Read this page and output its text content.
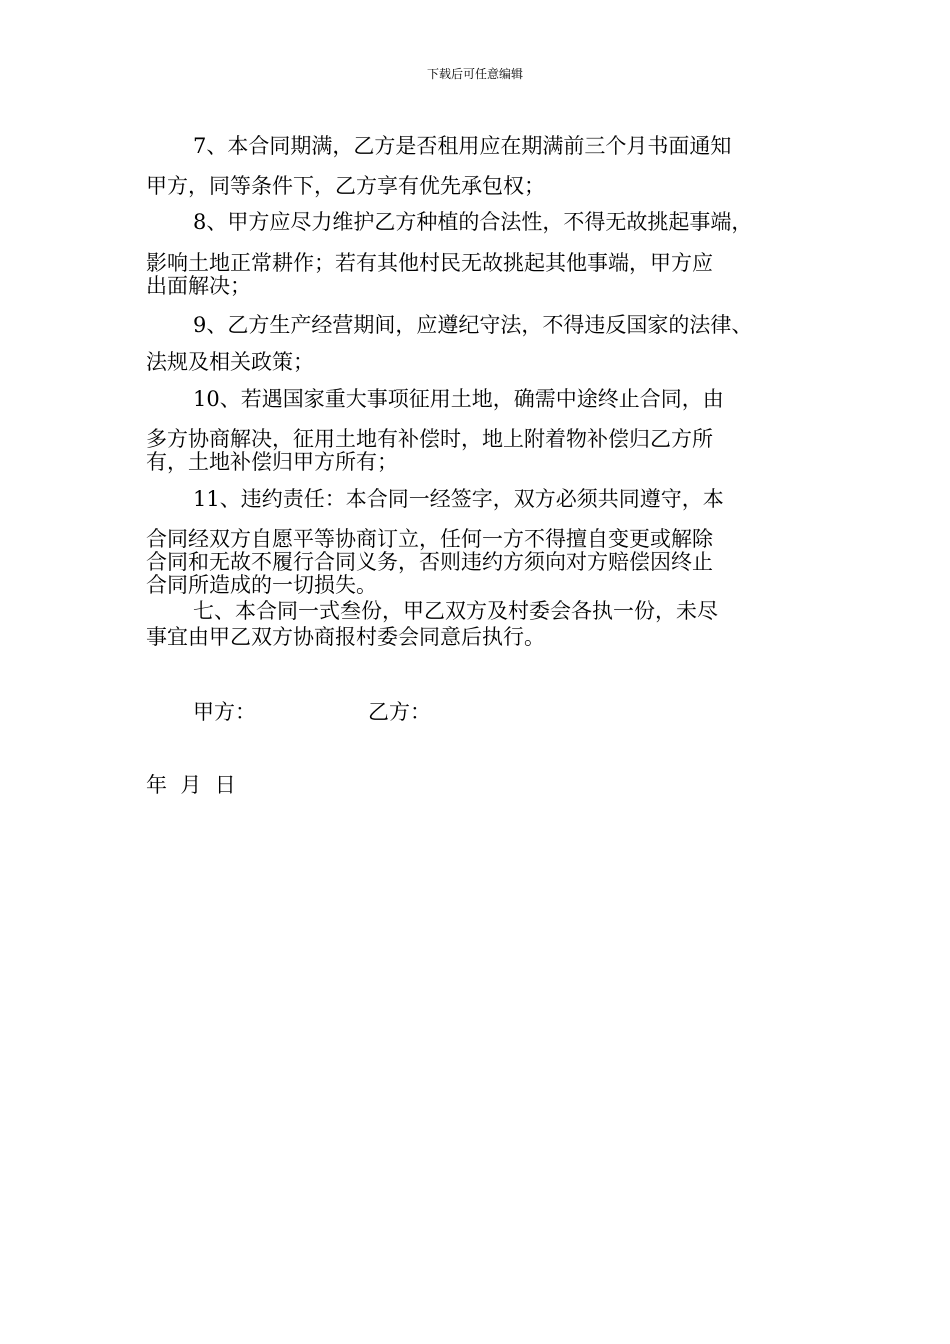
下载后可任意编辑
7、本合同期满，乙方是否租用应在期满前三个月书面通知
甲方，同等条件下，乙方享有优先承包权；
8、甲方应尽力维护乙方种植的合法性，不得无故挑起事端，
影响土地正常耕作；若有其他村民无故挑起其他事端，甲方应
出面解决；
9、乙方生产经营期间，应遵纪守法，不得违反国家的法律、
法规及相关政策；
10、若遇国家重大事项征用土地，确需中途终止合同，由
多方协商解决，征用土地有补偿时，地上附着物补偿归乙方所
有，土地补偿归甲方所有；
11、违约责任：本合同一经签字，双方必须共同遵守，本
合同经双方自愿平等协商订立，任何一方不得擅自变更或解除
合同和无故不履行合同义务，否则违约方须向对方赔偿因终止
合同所造成的一切损失。
七、本合同一式叁份，甲乙双方及村委会各执一份，未尽
事宜由甲乙双方协商报村委会同意后执行。
甲方：	乙方：
年  月  日
